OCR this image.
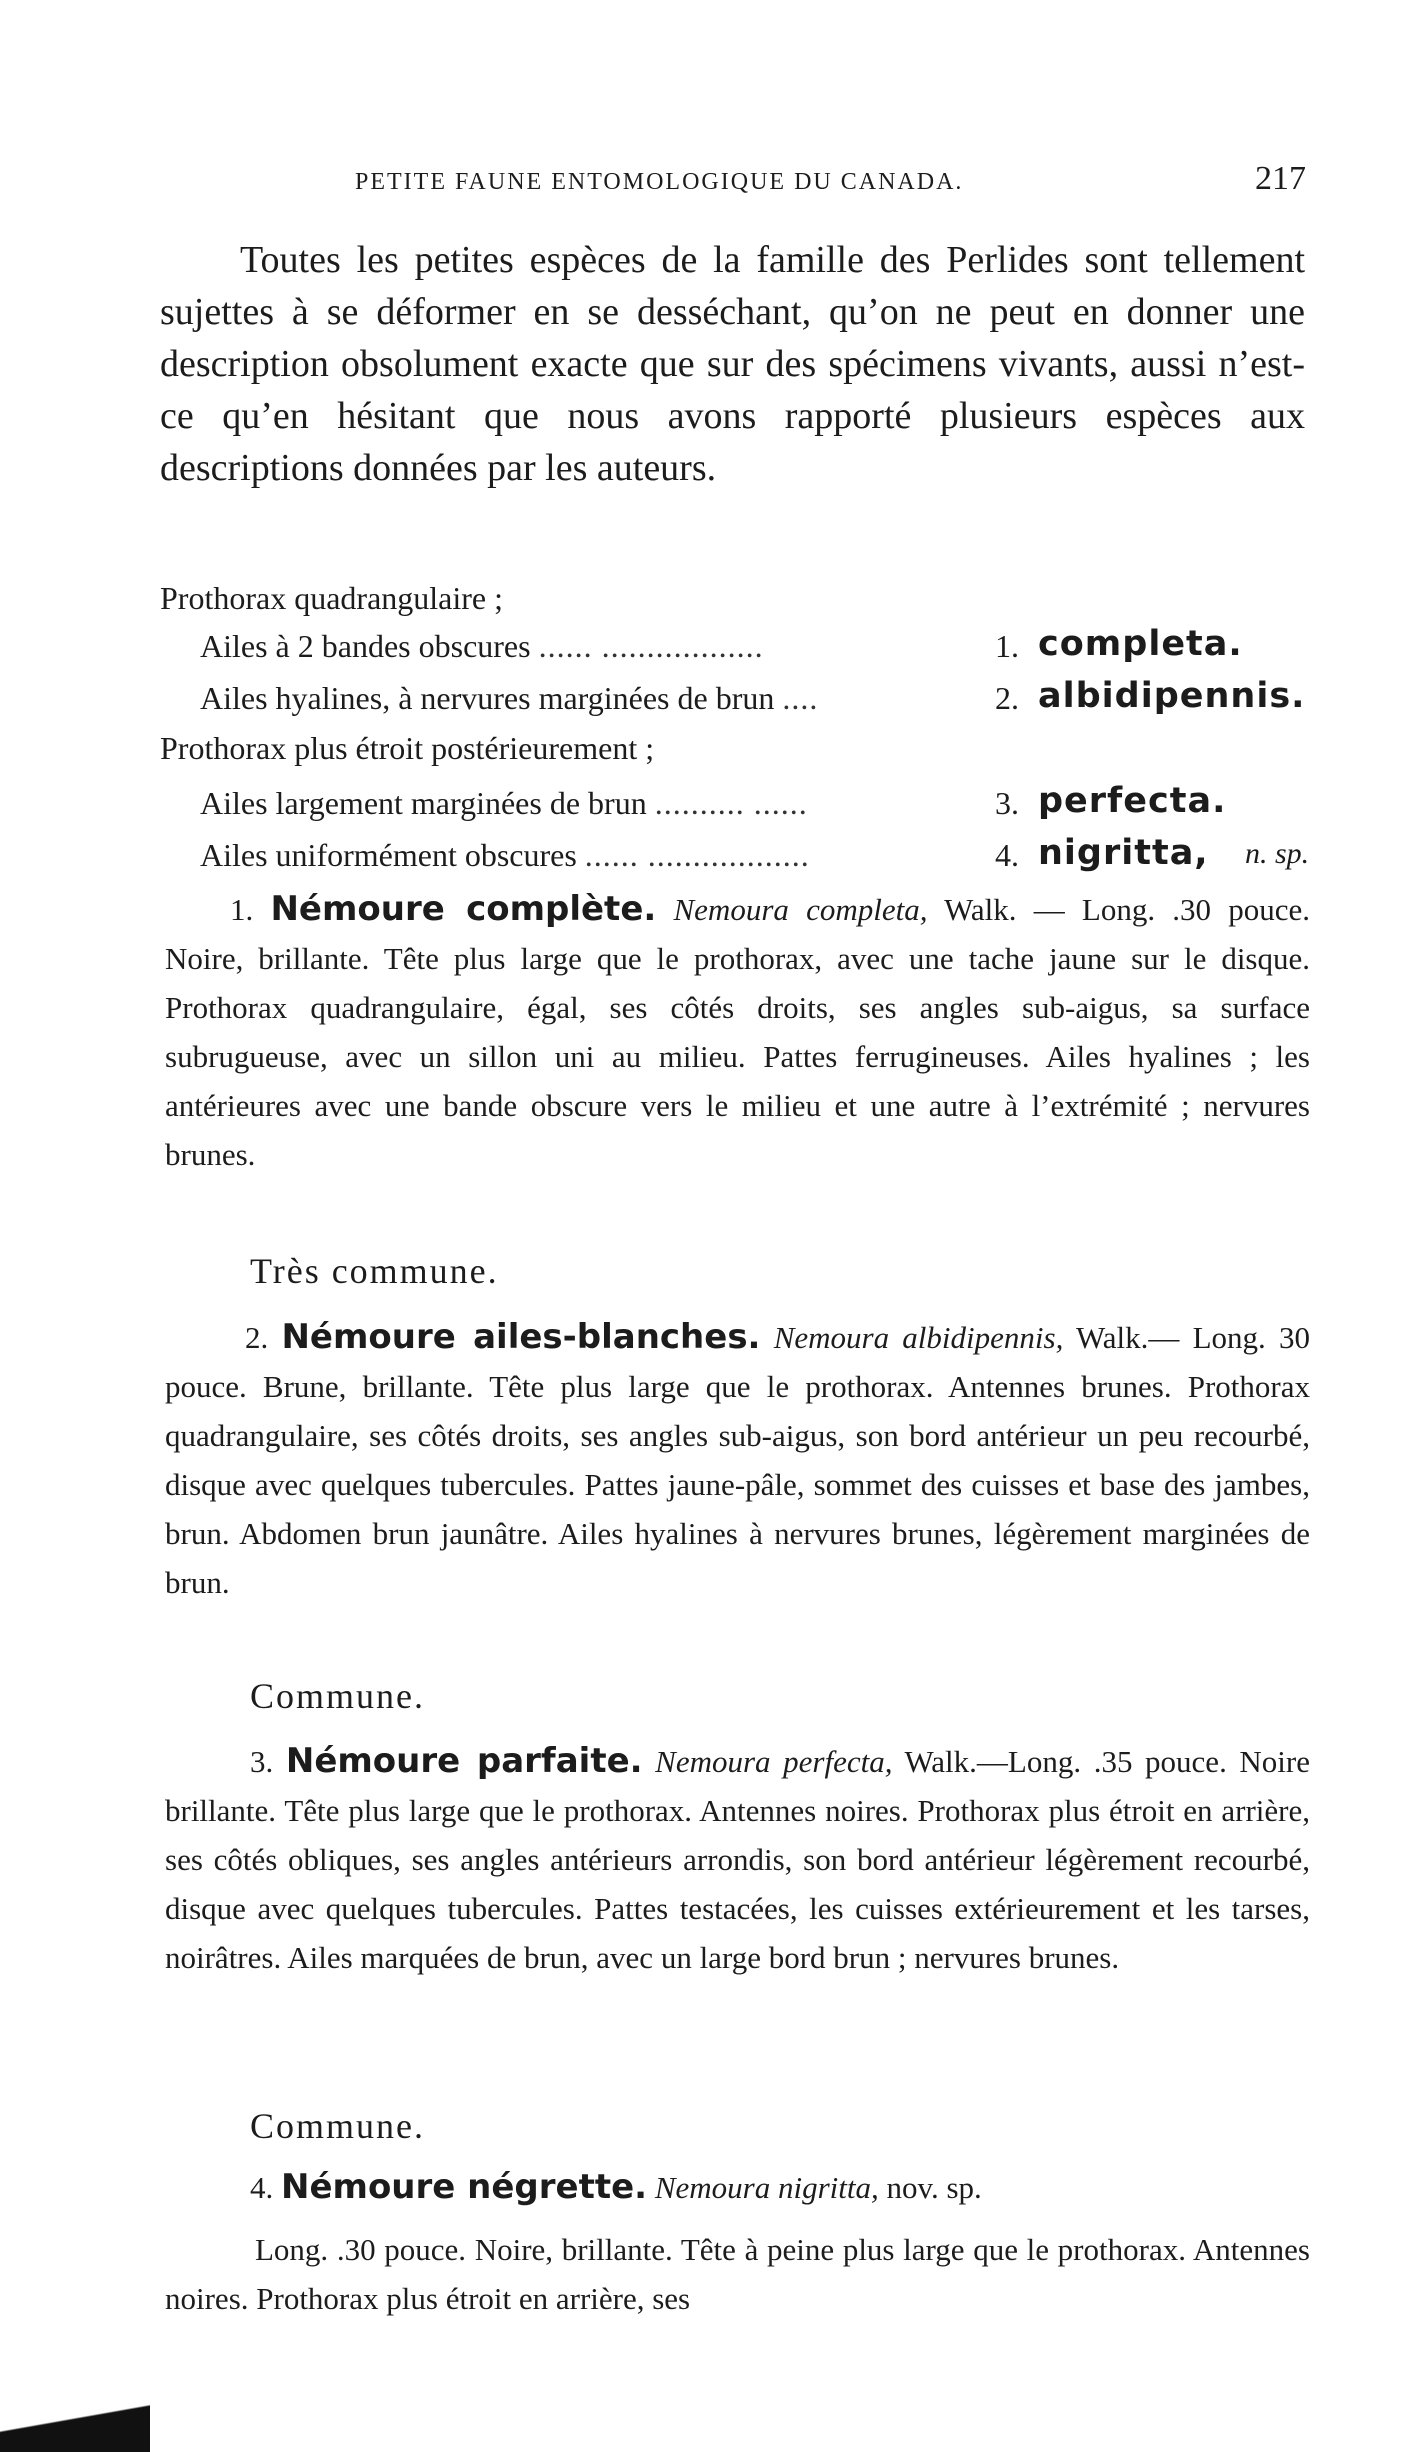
PETITE FAUNE ENTOMOLOGIQUE DU CANADA.	217

Toutes les petites espèces de la famille des Perlides sont tellement sujettes à se déformer en se desséchant, qu’on ne peut en donner une description obsolument exacte que sur des spécimens vivants, aussi n’est-ce qu’en hésitant que nous avons rapporté plusieurs espèces aux descriptions données par les auteurs.

Prothorax quadrangulaire ;
Ailes à 2 bandes obscures ...... ..................	1. completa.
Ailes hyalines, à nervures marginées de brun ....	2. albidipennis.
Prothorax plus étroit postérieurement ;
Ailes largement marginées de brun .......... ......	3. perfecta.
Ailes uniformément obscures ...... ..................	4. nigritta, n. sp.

1. Némoure complète. Nemoura completa, Walk. — Long. .30 pouce. Noire, brillante. Tête plus large que le prothorax, avec une tache jaune sur le disque. Prothorax quadrangulaire, égal, ses côtés droits, ses angles sub-aigus, sa surface subrugueuse, avec un sillon uni au milieu. Pattes ferrugineuses. Ailes hyalines ; les antérieures avec une bande obscure vers le milieu et une autre à l’extrémité ; nervures brunes.

Très commune.

2. Némoure ailes-blanches. Nemoura albidipennis, Walk.— Long. 30 pouce. Brune, brillante. Tête plus large que le prothorax. Antennes brunes. Prothorax quadrangulaire, ses côtés droits, ses angles sub-aigus, son bord antérieur un peu recourbé, disque avec quelques tubercules. Pattes jaune-pâle, sommet des cuisses et base des jambes, brun. Abdomen brun jaunâtre. Ailes hyalines à nervures brunes, légèrement marginées de brun.

Commune.

3. Némoure parfaite. Nemoura perfecta, Walk.—Long. .35 pouce. Noire brillante. Tête plus large que le prothorax. Antennes noires. Prothorax plus étroit en arrière, ses côtés obliques, ses angles antérieurs arrondis, son bord antérieur légèrement recourbé, disque avec quelques tubercules. Pattes testacées, les cuisses extérieurement et les tarses, noirâtres. Ailes marquées de brun, avec un large bord brun ; nervures brunes.

Commune.
4. Némoure négrette. Nemoura nigritta, nov. sp.

Long. .30 pouce. Noire, brillante. Tête à peine plus large que le prothorax. Antennes noires. Prothorax plus étroit en arrière, ses
